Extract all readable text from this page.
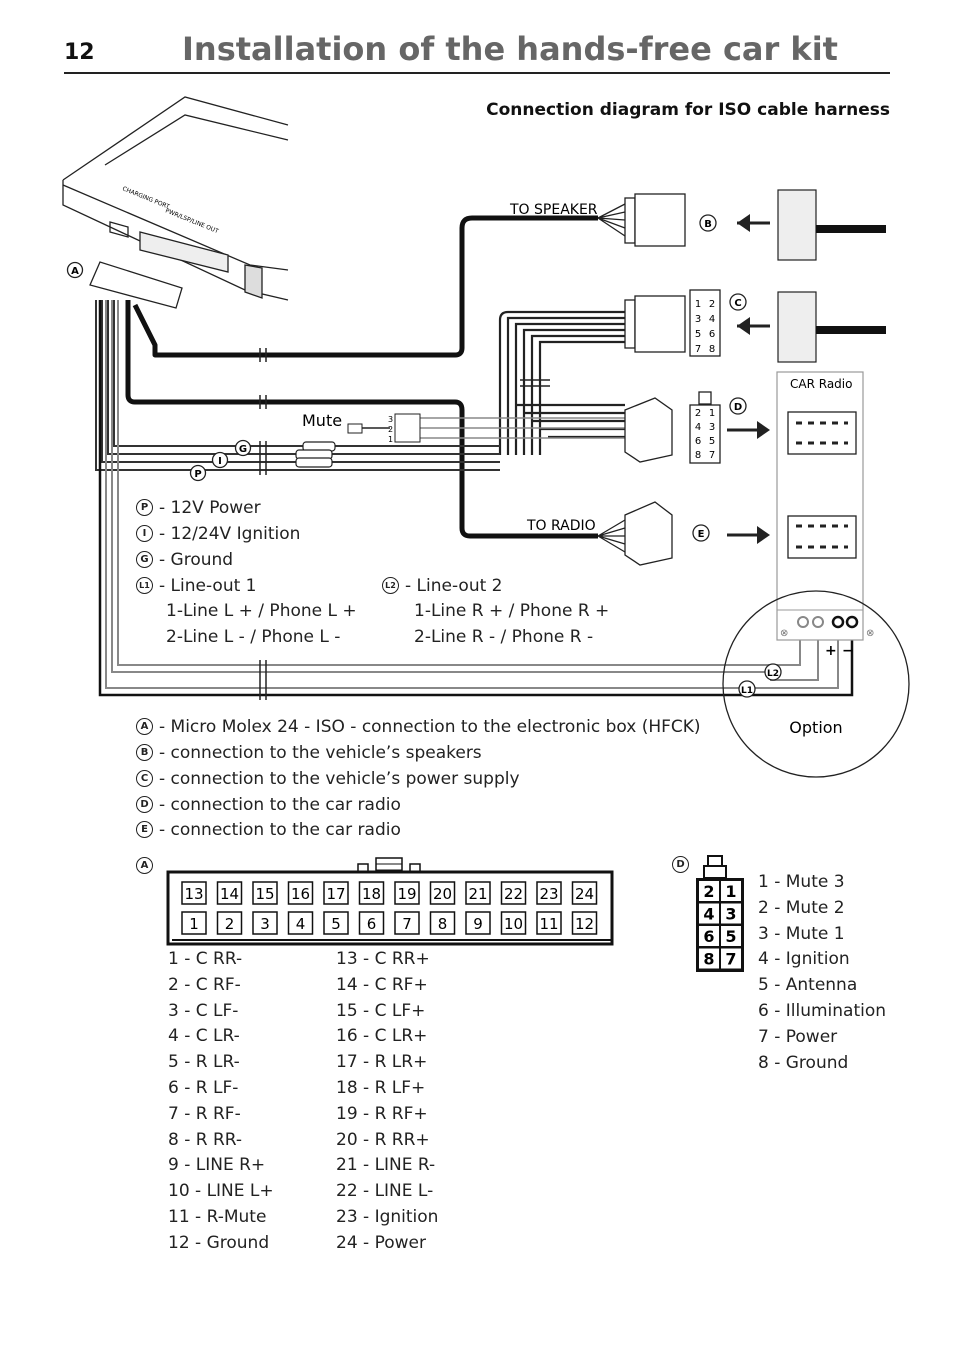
12	Installation of the hands-free car kit
Connection diagram for ISO cable harness
CHARGING PORT
PWR/LSP/LINE OUT
A
Mute	3
2
1
G
I
P
TO SPEAKER
B
1 2
3 4
5 6
7 8
C
2 1
4 3
6 5
8 7
D
TO RADIO
E
CAR Radio
⊗	⊗
+ −
Option
L2
L1
P - 12V Power
I - 12/24V Ignition
G - Ground
L1 - Line-out 1
1-Line L + / Phone L +
2-Line L - / Phone L -
L2 - Line-out 2
1-Line R + / Phone R +
2-Line R - / Phone R -
A - Micro Molex 24 - ISO - connection to the electronic box (HFCK)
B - connection to the vehicle’s speakers
C - connection to the vehicle’s power supply
D - connection to the car radio
E - connection to the car radio
A
13 14 15 16 17 18 19 20 21 22 23 24
1 2 3 4 5 6 7 8 9 10 11 12
1 - C RR-
2 - C RF-
3 - C LF-
4 - C LR-
5 - R LR-
6 - R LF-
7 - R RF-
8 - R RR-
9 - LINE R+
10 - LINE L+
11 - R-Mute
12 - Ground
13 - C RR+
14 - C RF+
15 - C LF+
16 - C LR+
17 - R LR+
18 - R LF+
19 - R RF+
20 - R RR+
21 - LINE R-
22 - LINE L-
23 - Ignition
24 - Power
D
2 1
4 3
6 5
8 7
1 - Mute 3
2 - Mute 2
3 - Mute 1
4 - Ignition
5 - Antenna
6 - Illumination
7 - Power
8 - Ground
